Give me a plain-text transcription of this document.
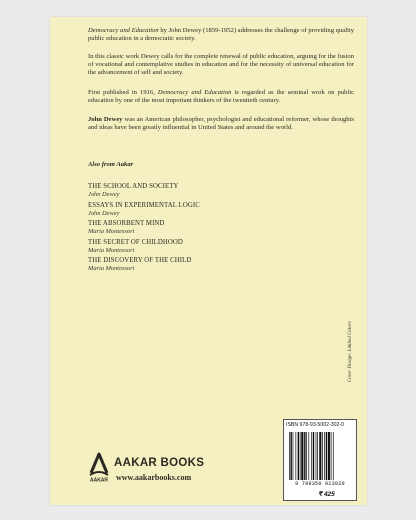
Democracy and Education by John Dewey (1859-1952) addresses the challenge of providing quality public education in a democratic society.

In this classic work Dewey calls for the complete renewal of public education, arguing for the fusion of vocational and contemplative studies in education and for the necessity of universal education for the advancement of self and society.

First published in 1916, Democracy and Education is regarded as the seminal work on public education by one of the most important thinkers of the twentieth century.

John Dewey was an American philosopher, psychologist and educational reformer, whose thoughts and ideas have been greatly influential in United States and around the world.

Also from Aakar
THE SCHOOL AND SOCIETY
John Dewey
ESSAYS IN EXPERIMENTAL LOGIC
John Dewey
THE ABSORBENT MIND
Maria Montessori
THE SECRET OF CHILDHOOD
Maria Montessori
THE DISCOVERY OF THE CHILD
Maria Montessori
Cover Design: Limited Colors
AAKAR
AAKAR BOOKS
www.aakarbooks.com
ISBN 978-93-5002-302-0
9 789350 023020
₹ 425
